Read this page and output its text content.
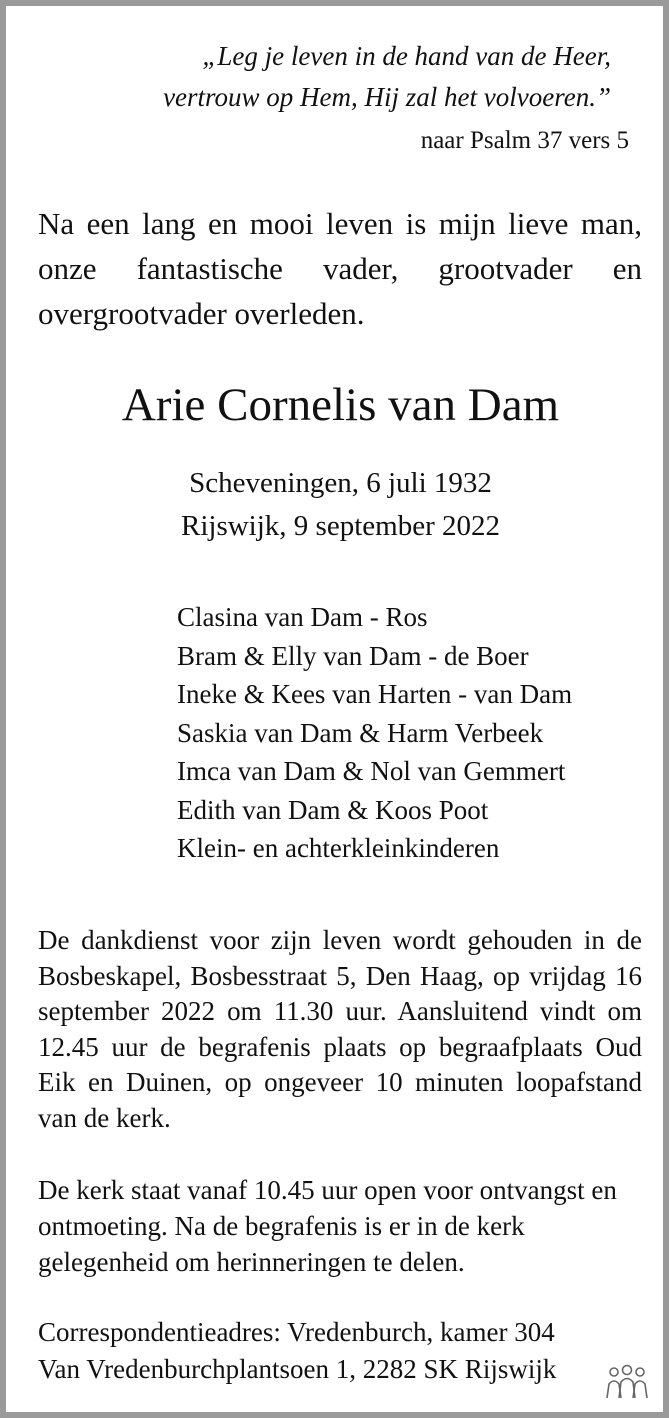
„Leg je leven in de hand van de Heer,
vertrouw op Hem, Hij zal het volvoeren.”
naar Psalm 37 vers 5

Na een lang en mooi leven is mijn lieve man, onze fantastische vader, grootvader en overgrootvader overleden.

Arie Cornelis van Dam
Scheveningen, 6 juli 1932
Rijswijk, 9 september 2022
Clasina van Dam - Ros
Bram & Elly van Dam - de Boer
Ineke & Kees van Harten - van Dam
Saskia van Dam & Harm Verbeek
Imca van Dam & Nol van Gemmert
Edith van Dam & Koos Poot
Klein- en achterkleinkinderen

De dankdienst voor zijn leven wordt gehouden in de Bosbeskapel, Bosbesstraat 5, Den Haag, op vrijdag 16 september 2022 om 11.30 uur. Aansluitend vindt om 12.45 uur de begrafenis plaats op begraafplaats Oud Eik en Duinen, op ongeveer 10 minuten loopafstand van de kerk.

De kerk staat vanaf 10.45 uur open voor ontvangst en ontmoeting. Na de begrafenis is er in de kerk gelegenheid om herinneringen te delen.

Correspondentieadres: Vredenburch, kamer 304
Van Vredenburchplantsoen 1, 2282 SK Rijswijk
